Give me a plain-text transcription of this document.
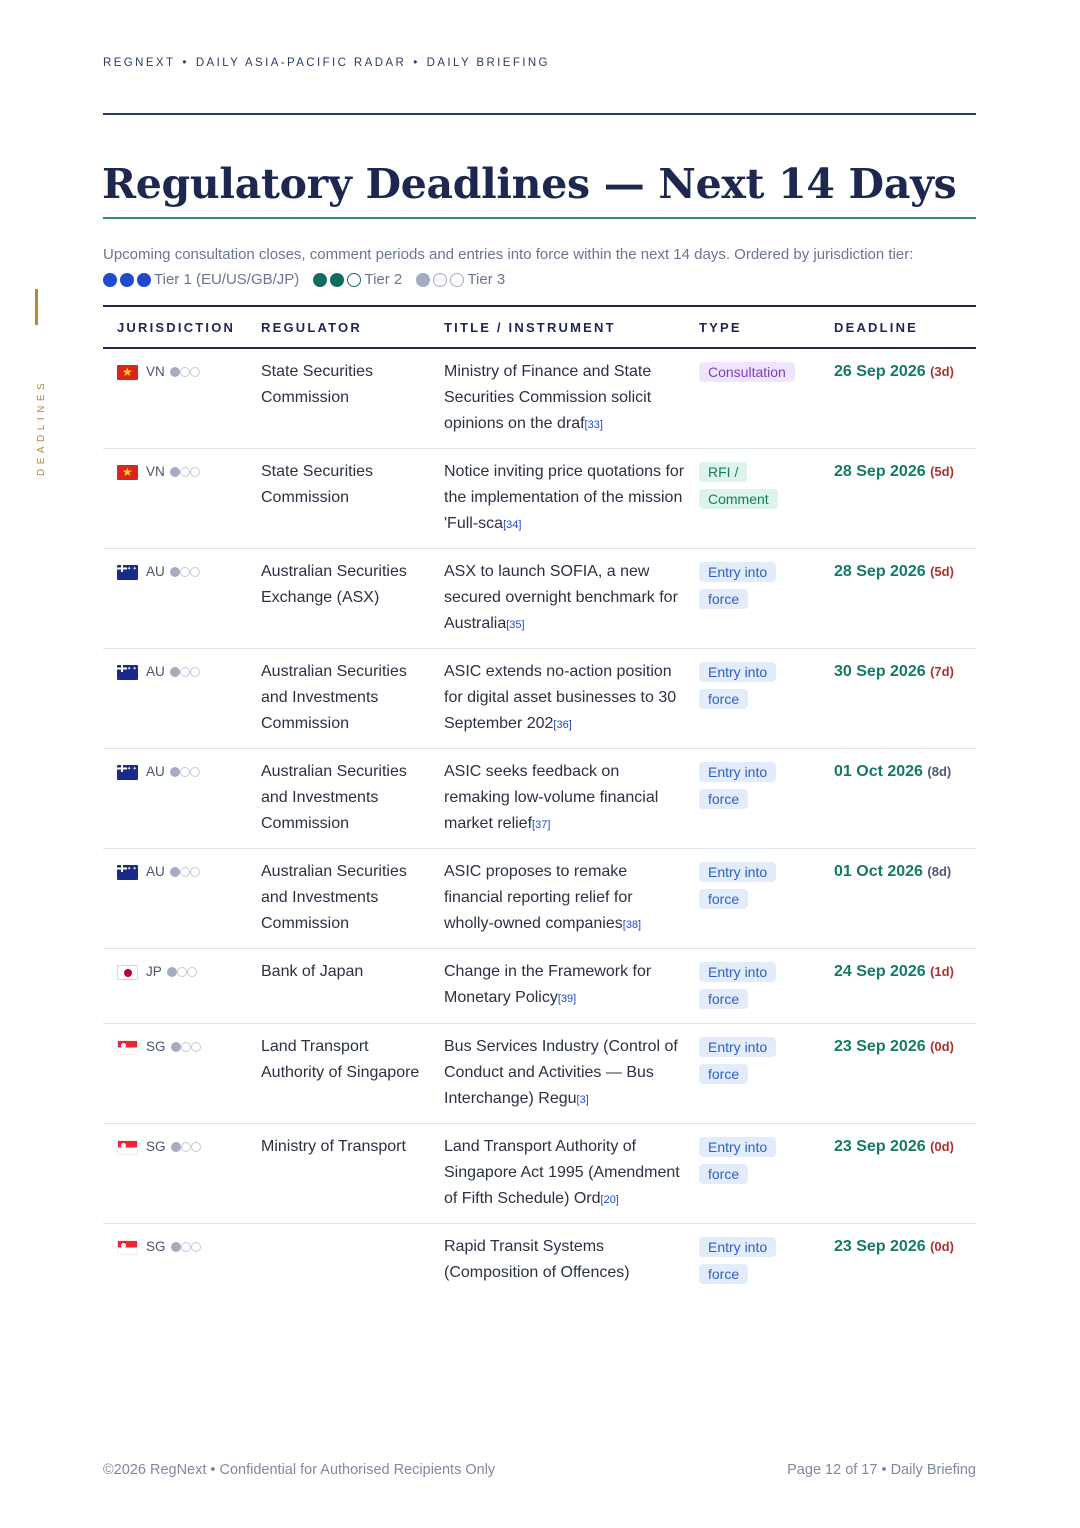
REGNEXT • DAILY ASIA-PACIFIC RADAR • DAILY BRIEFING
DEADLINES
Regulatory Deadlines — Next 14 Days
Upcoming consultation closes, comment periods and entries into force within the next 14 days. Ordered by jurisdiction tier:

Tier 1 (EU/US/GB/JP)
	Tier 2
	Tier 3
JURISDICTION	REGULATOR	TITLE / INSTRUMENT	TYPE	DEADLINE

★
VN	State Securities Commission	Ministry of Finance and State Securities Commission solicit opinions on the draf[33]	Consultation	26 Sep 2026 (3d)

★
VN	State Securities Commission	Notice inviting price quotations for the implementation of the mission 'Full-sca[34]	RFI / Comment	28 Sep 2026 (5d)

✦ ✦
AU	Australian Securities Exchange (ASX)	ASX to launch SOFIA, a new secured overnight benchmark for Australia[35]	Entry into force	28 Sep 2026 (5d)

✦ ✦
AU	Australian Securities and Investments Commission	ASIC extends no-action position for digital asset businesses to 30 September 202[36]	Entry into force	30 Sep 2026 (7d)

✦ ✦
AU	Australian Securities and Investments Commission	ASIC seeks feedback on remaking low-volume financial market relief[37]	Entry into force	01 Oct 2026 (8d)

✦ ✦
AU	Australian Securities and Investments Commission	ASIC proposes to remake financial reporting relief for wholly-owned companies[38]	Entry into force	01 Oct 2026 (8d)

JP	Bank of Japan	Change in the Framework for Monetary Policy[39]	Entry into force	24 Sep 2026 (1d)

SG	Land Transport Authority of Singapore	Bus Services Industry (Control of Conduct and Activities — Bus Interchange) Regu[3]	Entry into force	23 Sep 2026 (0d)

SG	Ministry of Transport	Land Transport Authority of Singapore Act 1995 (Amendment of Fifth Schedule) Ord[20]	Entry into force	23 Sep 2026 (0d)

SG		Rapid Transit Systems (Composition of Offences)	Entry into force	23 Sep 2026 (0d)
©2026 RegNext • Confidential for Authorised Recipients Only	Page 12 of 17 • Daily Briefing
